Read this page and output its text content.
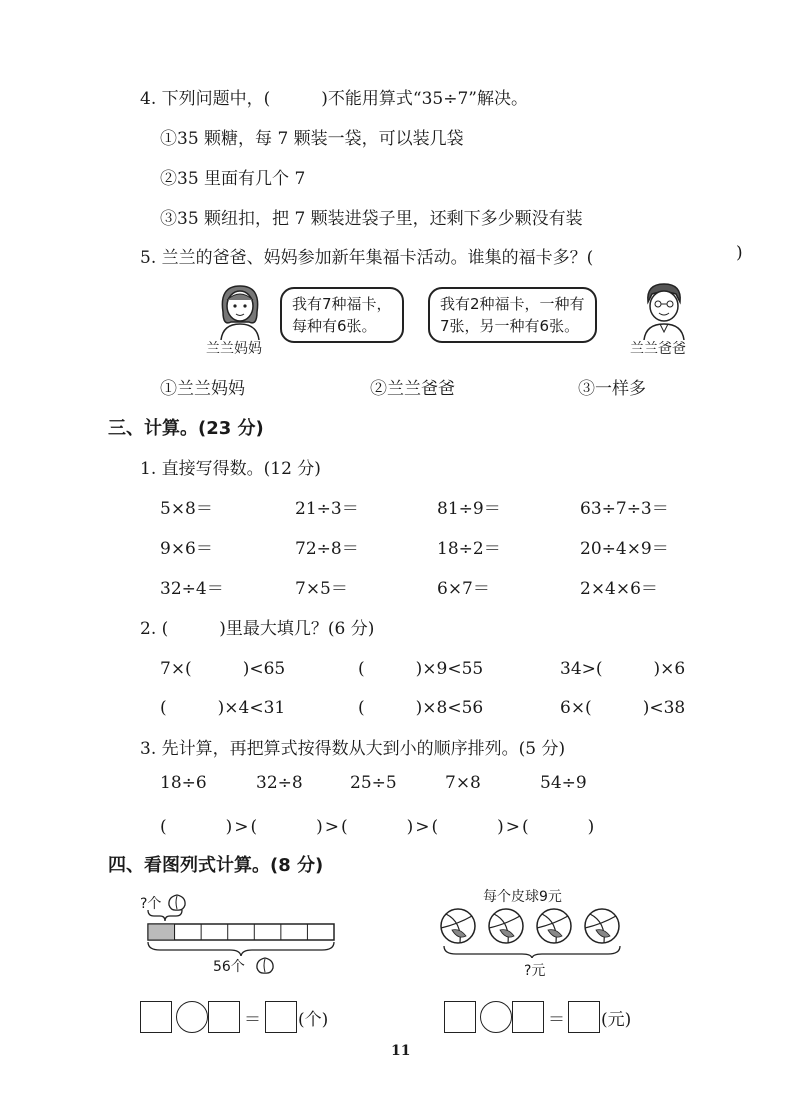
4. 下列问题中，(　　　)不能用算式“35÷7”解决。
①35 颗糖，每 7 颗装一袋，可以装几袋
②35 里面有几个 7
③35 颗纽扣，把 7 颗装进袋子里，还剩下多少颗没有装
5. 兰兰的爸爸、妈妈参加新年集福卡活动。谁集的福卡多？(	)
我有7种福卡，
每种有6张。
兰兰妈妈
我有2种福卡，一种有
7张，另一种有6张。
兰兰爸爸
①兰兰妈妈	②兰兰爸爸	③一样多
三、计算。(23 分)
1. 直接写得数。(12 分)
5×8＝	21÷3＝	81÷9＝	63÷7÷3＝
9×6＝	72÷8＝	18÷2＝	20÷4×9＝
32÷4＝	7×5＝	6×7＝	2×4×6＝
2. (　　　)里最大填几？(6 分)
7×(　　　)<65	(　　　)×9<55	34>(　　　)×6
(　　　)×4<31	(　　　)×8<56	6×(　　　)<38
3. 先计算，再把算式按得数从大到小的顺序排列。(5 分)
18÷6	32÷8	25÷5	7×8	54÷9
(　　　)>(　　　)>(　　　)>(　　　)>(　　　)
四、看图列式计算。(8 分)
?个
56个
＝ (个)
每个皮球9元
?元
＝ (元)
11
